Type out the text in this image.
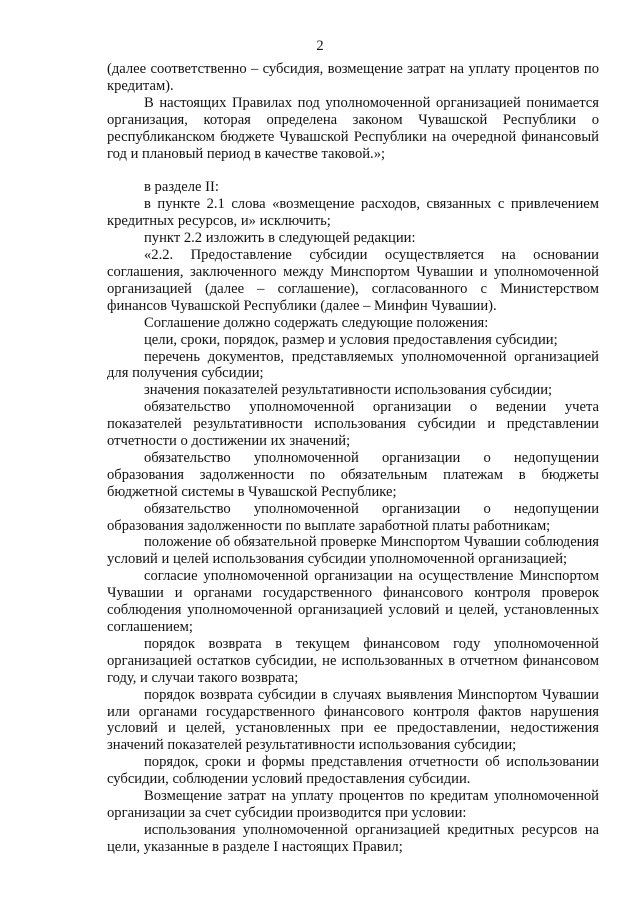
2

(далее соответственно – субсидия, возмещение затрат на уплату процентов по кредитам).

В настоящих Правилах под уполномоченной организацией понимается организация, которая определена законом Чувашской Республики о республиканском бюджете Чувашской Республики на очередной финансовый год и плановый период в качестве таковой.»;

в разделе II:

в пункте 2.1 слова «возмещение расходов, связанных с привлечением кредитных ресурсов, и» исключить;

пункт 2.2 изложить в следующей редакции:

«2.2. Предоставление субсидии осуществляется на основании соглашения, заключенного между Минспортом Чувашии и уполномоченной организацией (далее – соглашение), согласованного с Министерством финансов Чувашской Республики (далее – Минфин Чувашии).

Соглашение должно содержать следующие положения:

цели, сроки, порядок, размер и условия предоставления субсидии;

перечень документов, представляемых уполномоченной организацией для получения субсидии;

значения показателей результативности использования субсидии;

обязательство уполномоченной организации о ведении учета показателей результативности использования субсидии и представлении отчетности о достижении их значений;

обязательство уполномоченной организации о недопущении образования задолженности по обязательным платежам в бюджеты бюджетной системы в Чувашской Республике;

обязательство уполномоченной организации о недопущении образования задолженности по выплате заработной платы работникам;

положение об обязательной проверке Минспортом Чувашии соблюдения условий и целей использования субсидии уполномоченной организацией;

согласие уполномоченной организации на осуществление Минспортом Чувашии и органами государственного финансового контроля проверок соблюдения уполномоченной организацией условий и целей, установленных соглашением;

порядок возврата в текущем финансовом году уполномоченной организацией остатков субсидии, не использованных в отчетном финансовом году, и случаи такого возврата;

порядок возврата субсидии в случаях выявления Минспортом Чувашии или органами государственного финансового контроля фактов нарушения условий и целей, установленных при ее предоставлении, недостижения значений показателей результативности использования субсидии;

порядок, сроки и формы представления отчетности об использовании субсидии, соблюдении условий предоставления субсидии.

Возмещение затрат на уплату процентов по кредитам уполномоченной организации за счет субсидии производится при условии:

использования уполномоченной организацией кредитных ресурсов на цели, указанные в разделе I настоящих Правил;
